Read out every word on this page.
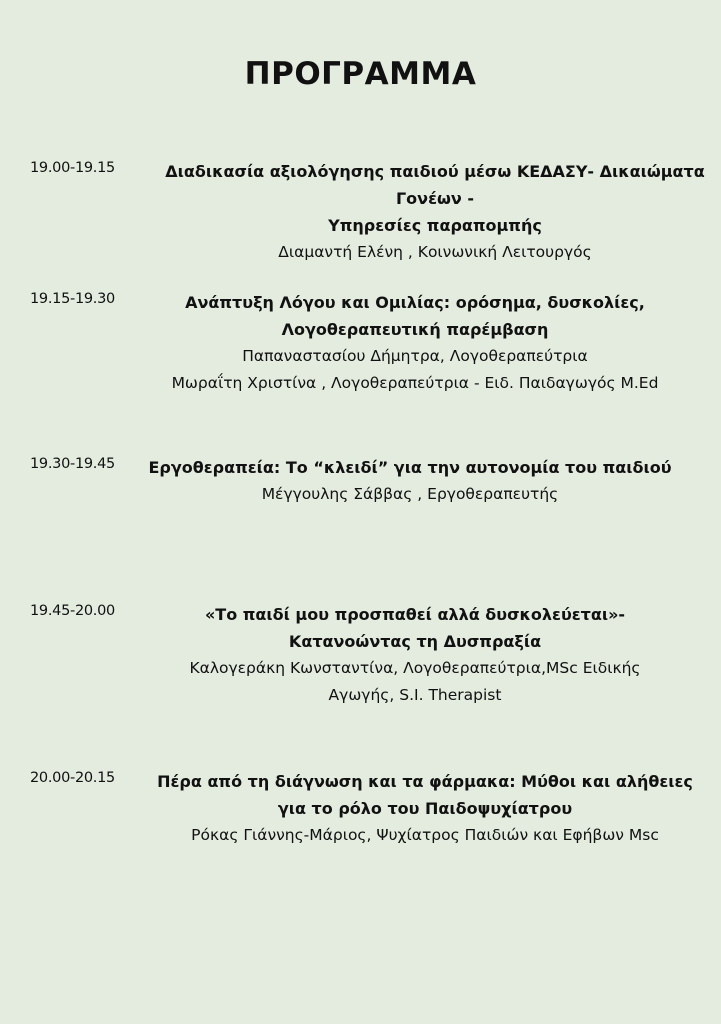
ΠΡΟΓΡΑΜΜΑ
19.00-19.15	Διαδικασία αξιολόγησης παιδιού μέσω ΚΕΔΑΣΥ- Δικαιώματα
Γονέων -
Υπηρεσίες παραπομπής
Διαμαντή Ελένη , Κοινωνική Λειτουργός
19.15-19.30	Ανάπτυξη Λόγου και Ομιλίας: ορόσημα, δυσκολίες,
Λογοθεραπευτική παρέμβαση
Παπαναστασίου Δήμητρα, Λογοθεραπεύτρια
Μωραΐτη Χριστίνα , Λογοθεραπεύτρια - Ειδ. Παιδαγωγός M.Ed
19.30-19.45	Εργοθεραπεία: Το “κλειδί” για την αυτονομία του παιδιού
Μέγγουλης Σάββας , Εργοθεραπευτής
19.45-20.00	«Το παιδί μου προσπαθεί αλλά δυσκολεύεται»-
Κατανοώντας τη Δυσπραξία
Καλογεράκη Κωνσταντίνα, Λογοθεραπεύτρια,MSc Ειδικής
Αγωγής, S.I. Therapist
20.00-20.15	Πέρα από τη διάγνωση και τα φάρμακα: Μύθοι και αλήθειες
για το ρόλο του Παιδοψυχίατρου
Ρόκας Γιάννης-Μάριος, Ψυχίατρος Παιδιών και Εφήβων Msc
